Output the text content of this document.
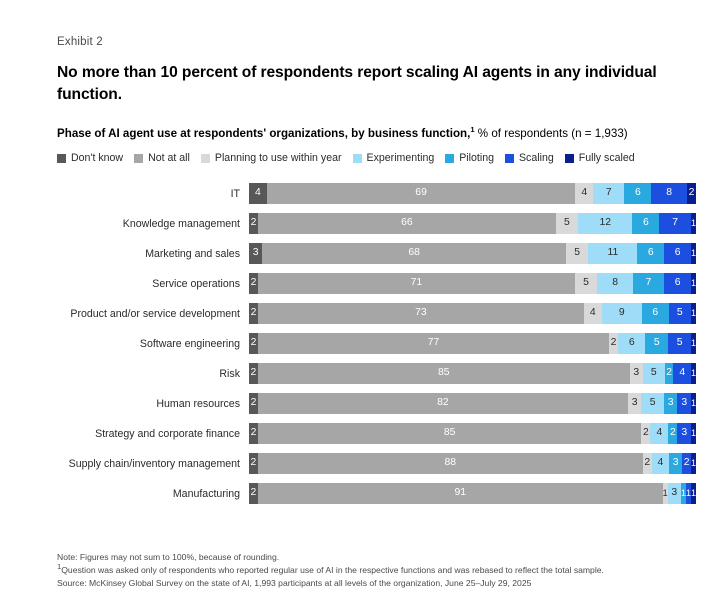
Exhibit 2
No more than 10 percent of respondents report scaling AI agents in any individual function.
Phase of AI agent use at respondents' organizations, by business function,$^1$ % of respondents (n = 1,933)
Don't know Not at all Planning to use within year Experimenting Piloting Scaling Fully scaled
IT	4	69	4 7 6 8 2
Knowledge management	2	66	5	12	6 7 1
Marketing and sales	3	68	5	11	6 6 1
Service operations	2	71	5 8	7 6 1
Product and/or service development	2	73	4 9	6 5 1
Software engineering	2	77	2 6 5 5 1
Risk	2	85	3 5 2 4 1
Human resources	2	82	3 5 3 3 1
Strategy and corporate finance	2	85	2 4 2 3 1
Supply chain/inventory management	2	88	2 4 3 2 1
Manufacturing	2	91	1 3 1 1 1
Note: Figures may not sum to 100%, because of rounding.
$^1$Question was asked only of respondents who reported regular use of AI in the respective functions and was rebased to reflect the total sample.
Source: McKinsey Global Survey on the state of AI, 1,993 participants at all levels of the organization, June 25–July 29, 2025
